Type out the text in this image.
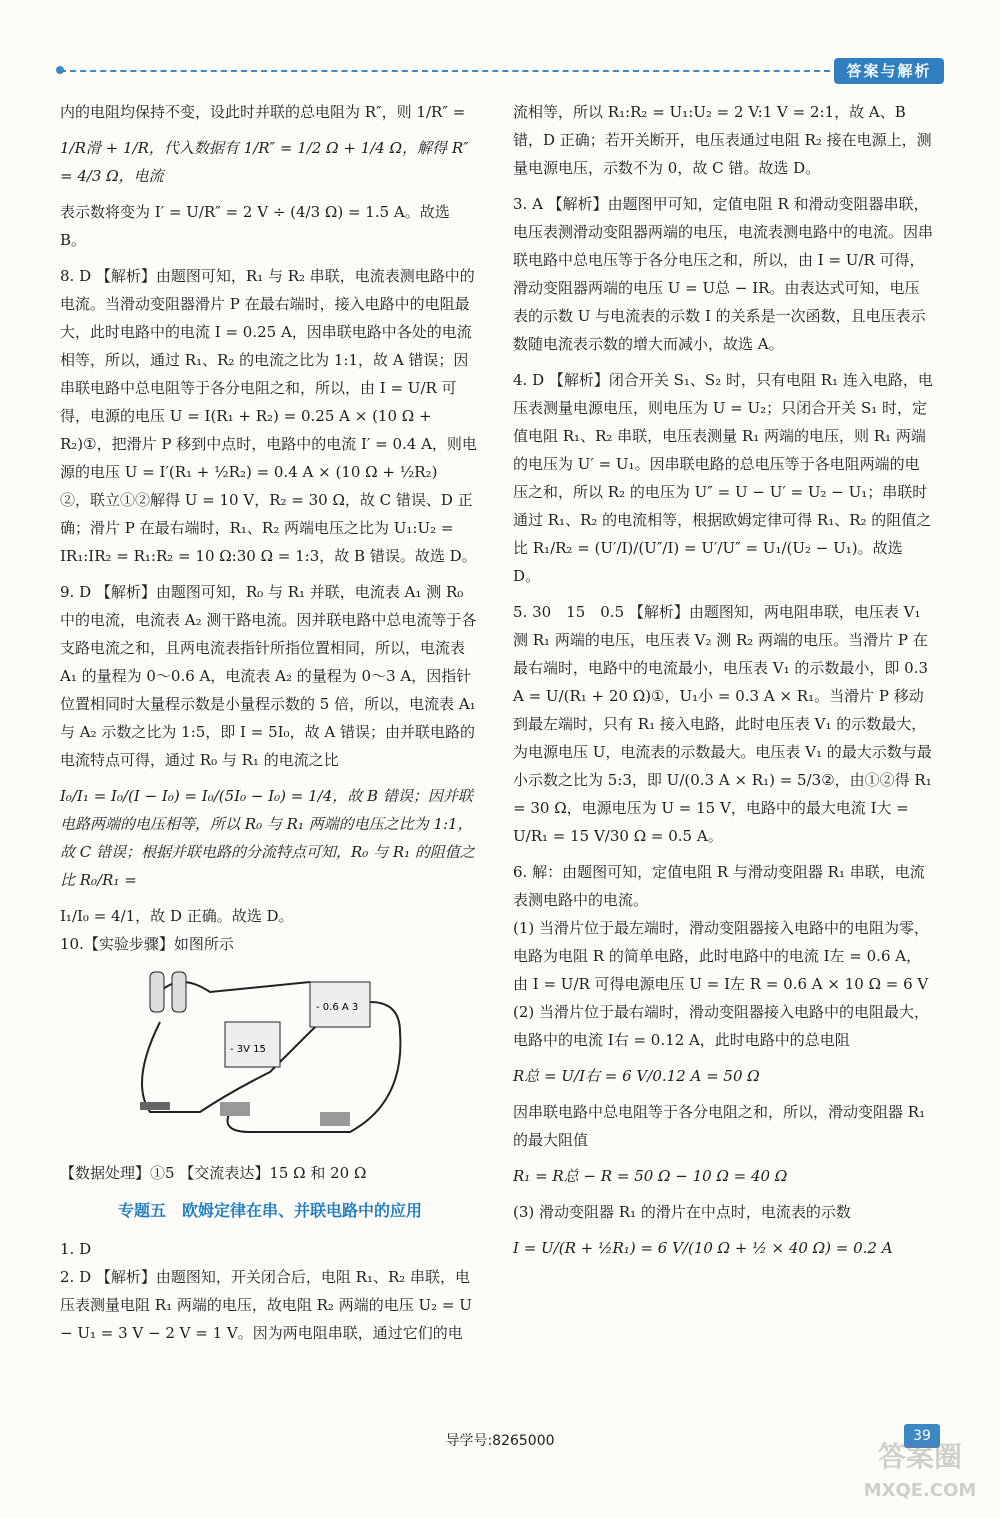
答案与解析

内的电阻均保持不变，设此时并联的总电阻为 R″，则 1/R″ =

1/R滑 + 1/R，代入数据有 1/R″ = 1/2 Ω + 1/4 Ω，解得 R″ = 4/3 Ω，电流

表示数将变为 I′ = U/R″ = 2 V ÷ (4/3 Ω) = 1.5 A。故选 B。

8. D 【解析】由题图可知，R₁ 与 R₂ 串联，电流表测电路中的电流。当滑动变阻器滑片 P 在最右端时，接入电路中的电阻最大，此时电路中的电流 I = 0.25 A，因串联电路中各处的电流相等，所以，通过 R₁、R₂ 的电流之比为 1:1，故 A 错误；因串联电路中总电阻等于各分电阻之和，所以，由 I = U/R 可得，电源的电压 U = I(R₁ + R₂) = 0.25 A × (10 Ω + R₂)①，把滑片 P 移到中点时，电路中的电流 I′ = 0.4 A，则电源的电压 U = I′(R₁ + ½R₂) = 0.4 A × (10 Ω + ½R₂)

②，联立①②解得 U = 10 V，R₂ = 30 Ω，故 C 错误、D 正确；滑片 P 在最右端时，R₁、R₂ 两端电压之比为 U₁:U₂ = IR₁:IR₂ = R₁:R₂ = 10 Ω:30 Ω = 1:3，故 B 错误。故选 D。

9. D 【解析】由题图可知，R₀ 与 R₁ 并联，电流表 A₁ 测 R₀ 中的电流，电流表 A₂ 测干路电流。因并联电路中总电流等于各支路电流之和，且两电流表指针所指位置相同，所以，电流表 A₁ 的量程为 0～0.6 A，电流表 A₂ 的量程为 0～3 A，因指针位置相同时大量程示数是小量程示数的 5 倍，所以，电流表 A₁ 与 A₂ 示数之比为 1:5，即 I = 5I₀，故 A 错误；由并联电路的电流特点可得，通过 R₀ 与 R₁ 的电流之比

I₀/I₁ = I₀/(I − I₀) = I₀/(5I₀ − I₀) = 1/4，故 B 错误；因并联电路两端的电压相等，所以 R₀ 与 R₁ 两端的电压之比为 1:1，故 C 错误；根据并联电路的分流特点可知，R₀ 与 R₁ 的阻值之比 R₀/R₁ =

I₁/I₀ = 4/1，故 D 正确。故选 D。

10.【实验步骤】如图所示

- 3V 15
- 0.6 A 3

【数据处理】①5 【交流表达】15 Ω 和 20 Ω

专题五　欧姆定律在串、并联电路中的应用

1. D

2. D 【解析】由题图知，开关闭合后，电阻 R₁、R₂ 串联，电压表测量电阻 R₁ 两端的电压，故电阻 R₂ 两端的电压 U₂ = U − U₁ = 3 V − 2 V = 1 V。因为两电阻串联，通过它们的电

流相等，所以 R₁:R₂ = U₁:U₂ = 2 V:1 V = 2:1，故 A、B 错，D 正确；若开关断开，电压表通过电阻 R₂ 接在电源上，测量电源电压，示数不为 0，故 C 错。故选 D。

3. A 【解析】由题图甲可知，定值电阻 R 和滑动变阻器串联，电压表测滑动变阻器两端的电压，电流表测电路中的电流。因串联电路中总电压等于各分电压之和，所以，由 I = U/R 可得，滑动变阻器两端的电压 U = U总 − IR。由表达式可知，电压表的示数 U 与电流表的示数 I 的关系是一次函数，且电压表示数随电流表示数的增大而减小，故选 A。

4. D 【解析】闭合开关 S₁、S₂ 时，只有电阻 R₁ 连入电路，电压表测量电源电压，则电压为 U = U₂；只闭合开关 S₁ 时，定值电阻 R₁、R₂ 串联，电压表测量 R₁ 两端的电压，则 R₁ 两端的电压为 U′ = U₁。因串联电路的总电压等于各电阻两端的电压之和，所以 R₂ 的电压为 U″ = U − U′ = U₂ − U₁；串联时通过 R₁、R₂ 的电流相等，根据欧姆定律可得 R₁、R₂ 的阻值之比 R₁/R₂ = (U′/I)/(U″/I) = U′/U″ = U₁/(U₂ − U₁)。故选 D。

5. 30　15　0.5 【解析】由题图知，两电阻串联，电压表 V₁ 测 R₁ 两端的电压，电压表 V₂ 测 R₂ 两端的电压。当滑片 P 在最右端时，电路中的电流最小，电压表 V₁ 的示数最小，即 0.3 A = U/(R₁ + 20 Ω)①，U₁小 = 0.3 A × R₁。当滑片 P 移动到最左端时，只有 R₁ 接入电路，此时电压表 V₁ 的示数最大，为电源电压 U，电流表的示数最大。电压表 V₁ 的最大示数与最小示数之比为 5:3，即 U/(0.3 A × R₁) = 5/3②，由①②得 R₁ = 30 Ω，电源电压为 U = 15 V，电路中的最大电流 I大 = U/R₁ = 15 V/30 Ω = 0.5 A。

6. 解：由题图可知，定值电阻 R 与滑动变阻器 R₁ 串联，电流表测电路中的电流。

(1) 当滑片位于最左端时，滑动变阻器接入电路中的电阻为零，电路为电阻 R 的简单电路，此时电路中的电流 I左 = 0.6 A，由 I = U/R 可得电源电压 U = I左 R = 0.6 A × 10 Ω = 6 V

(2) 当滑片位于最右端时，滑动变阻器接入电路中的电阻最大，电路中的电流 I右 = 0.12 A，此时电路中的总电阻

R总 = U/I右 = 6 V/0.12 A = 50 Ω

因串联电路中总电阻等于各分电阻之和，所以，滑动变阻器 R₁ 的最大阻值

R₁ = R总 − R = 50 Ω − 10 Ω = 40 Ω

(3) 滑动变阻器 R₁ 的滑片在中点时，电流表的示数

I = U/(R + ½R₁) = 6 V/(10 Ω + ½ × 40 Ω) = 0.2 A

导学号:8265000	39
答案圈
MXQE.COM
